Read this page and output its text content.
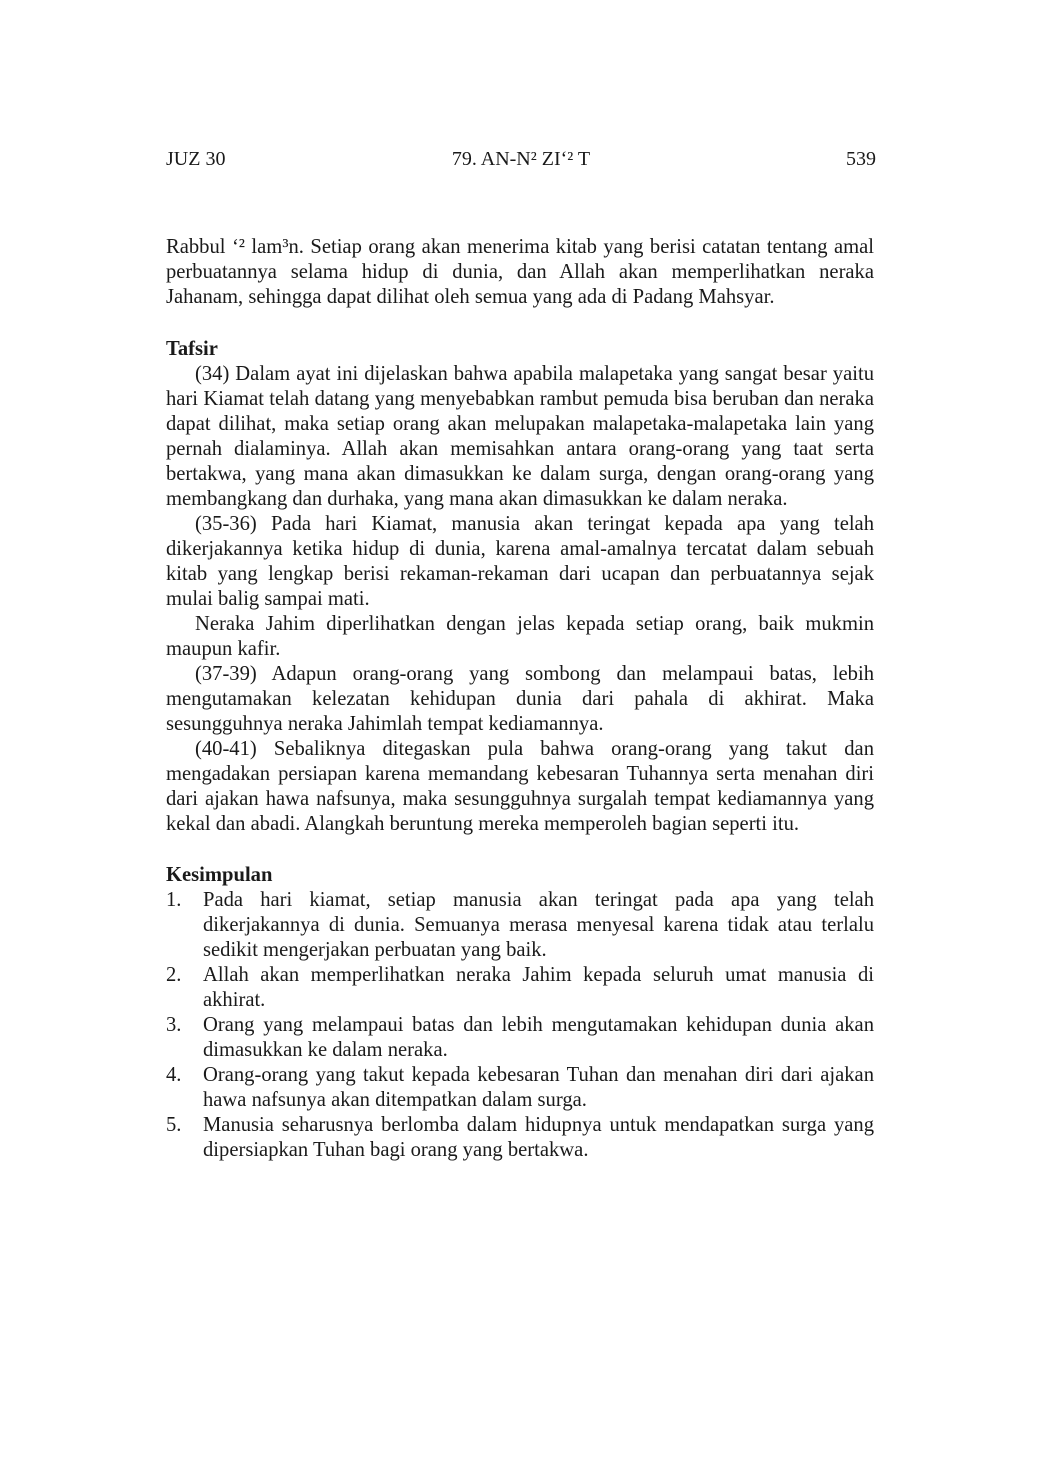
JUZ 30	79. AN-N² ZI‘² T	539

Rabbul ‘² lam³n. Setiap orang akan menerima kitab yang berisi catatan tentang amal perbuatannya selama hidup di dunia, dan Allah akan memperlihatkan neraka Jahanam, sehingga dapat dilihat oleh semua yang ada di Padang Mahsyar.

Tafsir

(34) Dalam ayat ini dijelaskan bahwa apabila malapetaka yang sangat besar yaitu hari Kiamat telah datang yang menyebabkan rambut pemuda bisa beruban dan neraka dapat dilihat, maka setiap orang akan melupakan malapetaka-malapetaka lain yang pernah dialaminya. Allah akan memisahkan antara orang-orang yang taat serta bertakwa, yang mana akan dimasukkan ke dalam surga, dengan orang-orang yang membangkang dan durhaka, yang mana akan dimasukkan ke dalam neraka.

(35-36) Pada hari Kiamat, manusia akan teringat kepada apa yang telah dikerjakannya ketika hidup di dunia, karena amal-amalnya tercatat dalam sebuah kitab yang lengkap berisi rekaman-rekaman dari ucapan dan perbuatannya sejak mulai balig sampai mati.

Neraka Jahim diperlihatkan dengan jelas kepada setiap orang, baik mukmin maupun kafir.

(37-39) Adapun orang-orang yang sombong dan melampaui batas, lebih mengutamakan kelezatan kehidupan dunia dari pahala di akhirat. Maka sesungguhnya neraka Jahimlah tempat kediamannya.

(40-41) Sebaliknya ditegaskan pula bahwa orang-orang yang takut dan mengadakan persiapan karena memandang kebesaran Tuhannya serta menahan diri dari ajakan hawa nafsunya, maka sesungguhnya surgalah tempat kediamannya yang kekal dan abadi. Alangkah beruntung mereka memperoleh bagian seperti itu.

Kesimpulan
1. Pada hari kiamat, setiap manusia akan teringat pada apa yang telah dikerjakannya di dunia. Semuanya merasa menyesal karena tidak atau terlalu sedikit mengerjakan perbuatan yang baik.
2. Allah akan memperlihatkan neraka Jahim kepada seluruh umat manusia di akhirat.
3. Orang yang melampaui batas dan lebih mengutamakan kehidupan dunia akan dimasukkan ke dalam neraka.
4. Orang-orang yang takut kepada kebesaran Tuhan dan menahan diri dari ajakan hawa nafsunya akan ditempatkan dalam surga.
5. Manusia seharusnya berlomba dalam hidupnya untuk mendapatkan surga yang dipersiapkan Tuhan bagi orang yang bertakwa.
